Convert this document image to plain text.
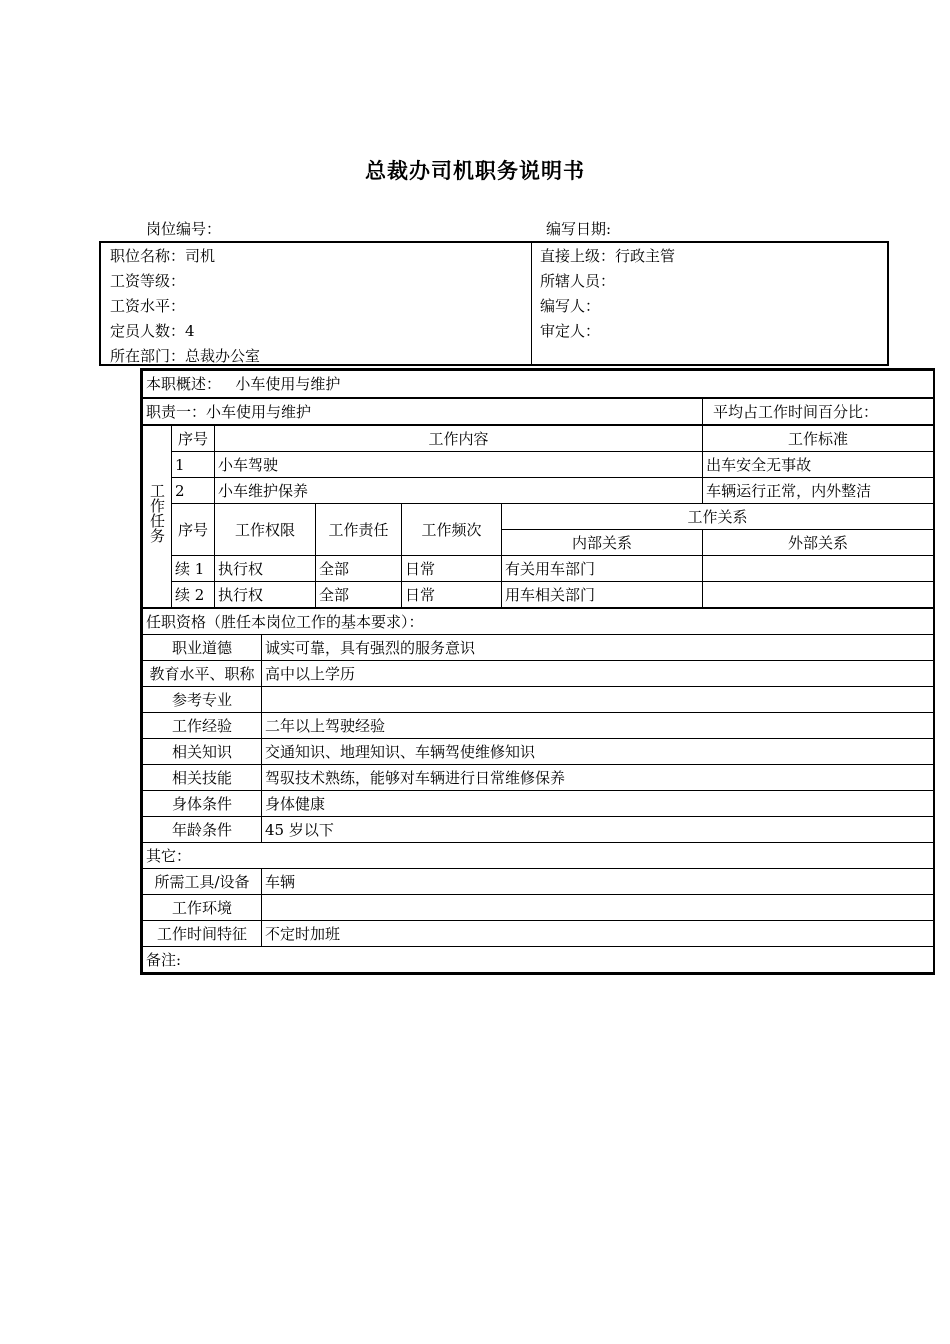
总裁办司机职务说明书
岗位编号：	编写日期:
职位名称：司机
工资等级：
工资水平：
定员人数：4
所在部门：总裁办公室
直接上级：行政主管
所辖人员：
编写人：
审定人：
本职概述： 小车使用与维护
职责一：小车使用与维护	平均占工作时间百分比：
工作任务	序号	工作内容				工作标准
	1	小车驾驶				出车安全无事故
	2	小车维护保养				车辆运行正常，内外整洁
	序号	工作权限	工作责任	工作频次	工作关系	
					内部关系	外部关系
	续 1	执行权	全部	日常	有关用车部门	
	续 2	执行权	全部	日常	用车相关部门	
任职资格（胜任本岗位工作的基本要求）：	
职业道德	诚实可靠，具有强烈的服务意识
教育水平、职称	高中以上学历
参考专业	
工作经验	二年以上驾驶经验
相关知识	交通知识、地理知识、车辆驾使维修知识
相关技能	驾驭技术熟练，能够对车辆进行日常维修保养
身体条件	身体健康
年龄条件	45 岁以下
其它：	
所需工具/设备	车辆
工作环境	
工作时间特征	不定时加班
备注:	
